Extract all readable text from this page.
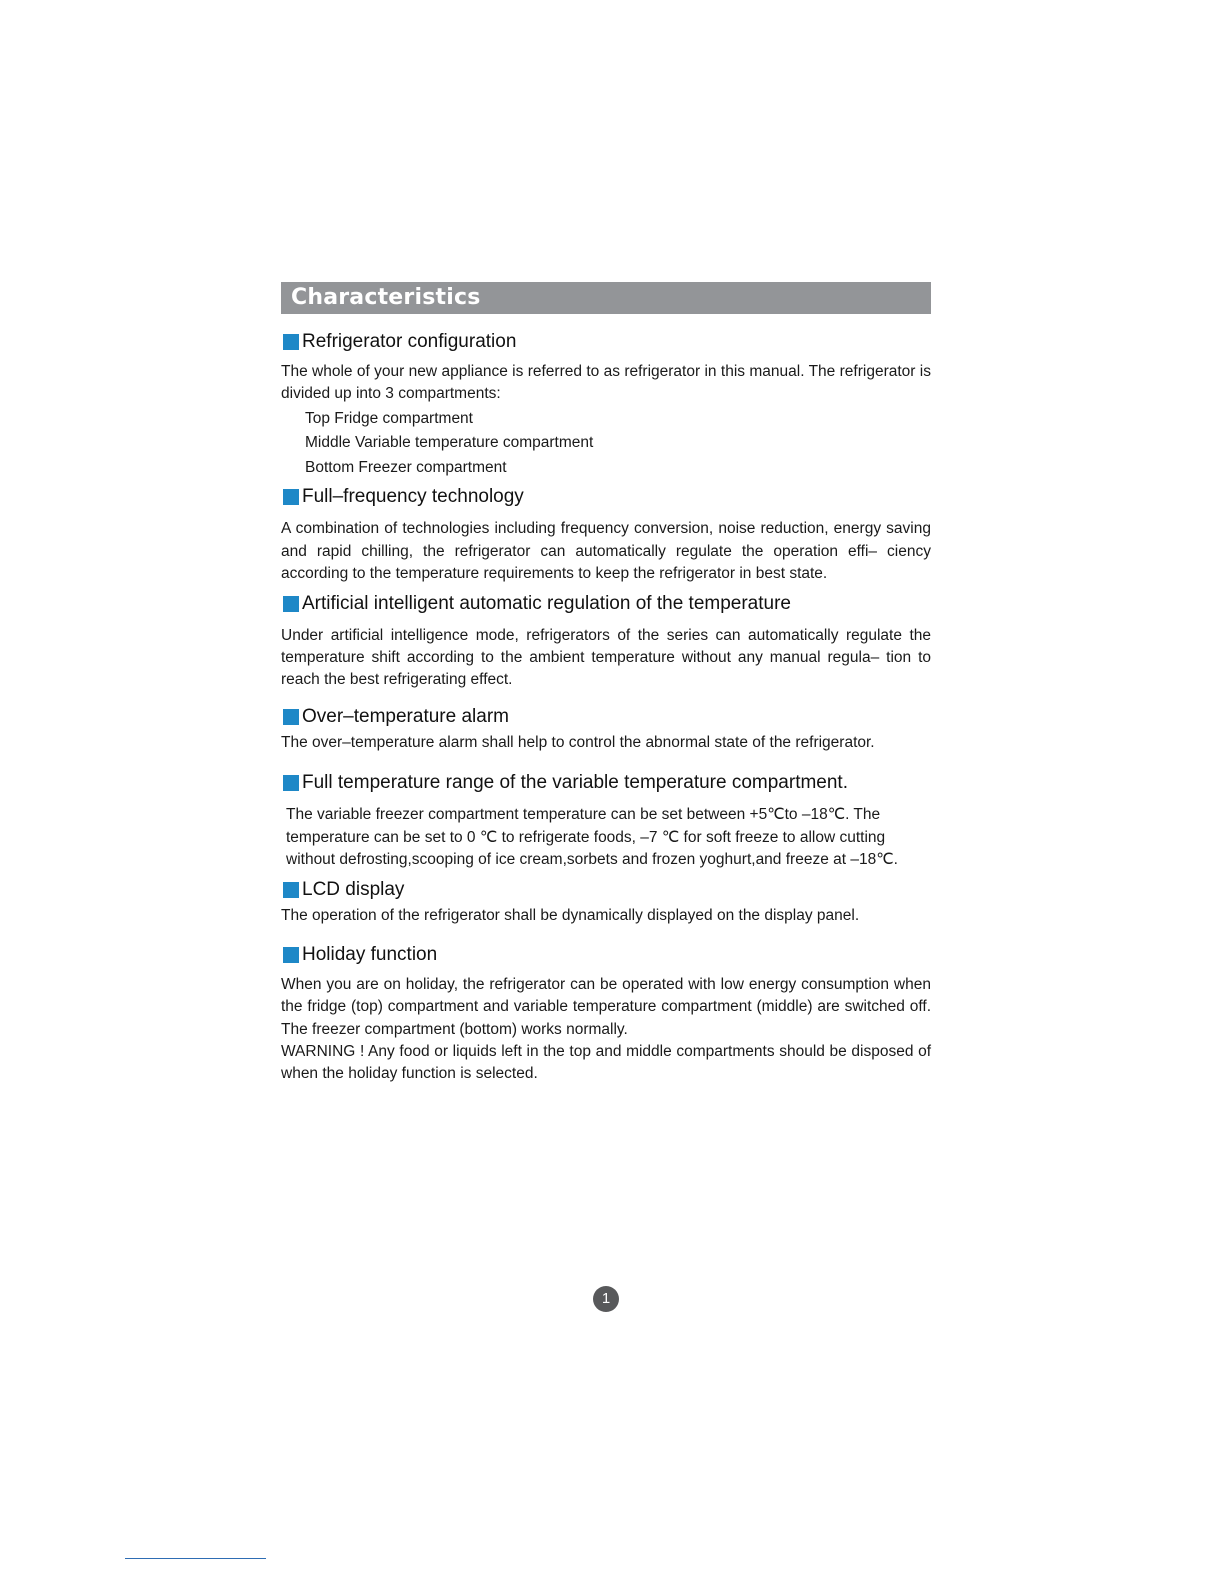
Characteristics
Refrigerator configuration

The whole of your new appliance is referred to as refrigerator in this manual. The refrigerator is divided up into 3 compartments:

Top Fridge compartment
Middle Variable temperature compartment
Bottom Freezer compartment
Full–frequency technology

A combination of technologies including frequency conversion, noise reduction, energy saving and rapid chilling, the refrigerator can automatically regulate the operation effi– ciency according to the temperature requirements to keep the refrigerator in best state.

Artificial intelligent automatic regulation of the temperature

Under artificial intelligence mode, refrigerators of the series can automatically regulate the temperature shift according to the ambient temperature without any manual regula– tion to reach the best refrigerating effect.

Over–temperature alarm

The over–temperature alarm shall help to control the abnormal state of the refrigerator.

Full temperature range of the variable temperature compartment.

The variable freezer compartment temperature can be set between +5℃to –18℃. The temperature can be set to 0 ℃ to refrigerate foods, –7 ℃ for soft freeze to allow cutting without defrosting,scooping of ice cream,sorbets and frozen yoghurt,and freeze at –18℃.

LCD display

The operation of the refrigerator shall be dynamically displayed on the display panel.

Holiday function

When you are on holiday, the refrigerator can be operated with low energy consumption when the fridge (top) compartment and variable temperature compartment (middle) are switched off. The freezer compartment (bottom) works normally.

WARNING ! Any food or liquids left in the top and middle compartments should be disposed of when the holiday function is selected.

1
